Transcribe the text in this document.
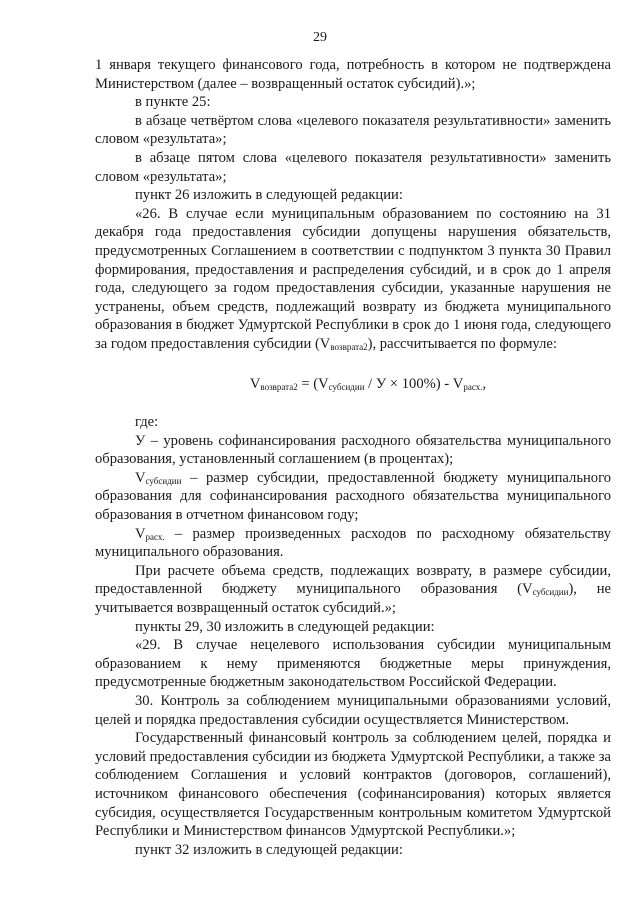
29

1 января текущего финансового года, потребность в котором не подтверждена Министерством (далее – возвращенный остаток субсидий).»;

в пункте 25:

в абзаце четвёртом слова «целевого показателя результативности» заменить словом «результата»;

в абзаце пятом слова «целевого показателя результативности» заменить словом «результата»;

пункт 26 изложить в следующей редакции:

«26. В случае если муниципальным образованием по состоянию на 31 декабря года предоставления субсидии допущены нарушения обязательств, предусмотренных Соглашением в соответствии с подпунктом 3 пункта 30 Правил формирования, предоставления и распределения субсидий, и в срок до 1 апреля года, следующего за годом предоставления субсидии, указанные нарушения не устранены, объем средств, подлежащий возврату из бюджета муниципального образования в бюджет Удмуртской Республики в срок до 1 июня года, следующего за годом предоставления субсидии $(V_{возврата2})$, рассчитывается по формуле:

$V_{возврата2} = (V_{субсидии} / У \times 100\%) - V_{расх.}$,

где:

У – уровень софинансирования расходного обязательства муниципального образования, установленный соглашением (в процентах);

$V_{субсидии}$ – размер субсидии, предоставленной бюджету муниципального образования для софинансирования расходного обязательства муниципального образования в отчетном финансовом году;

$V_{расх.}$ – размер произведенных расходов по расходному обязательству муниципального образования.

При расчете объема средств, подлежащих возврату, в размере субсидии, предоставленной бюджету муниципального образования $(V_{субсидии})$, не учитывается возвращенный остаток субсидий.»;

пункты 29, 30 изложить в следующей редакции:

«29. В случае нецелевого использования субсидии муниципальным образованием к нему применяются бюджетные меры принуждения, предусмотренные бюджетным законодательством Российской Федерации.

30. Контроль за соблюдением муниципальными образованиями условий, целей и порядка предоставления субсидии осуществляется Министерством.

Государственный финансовый контроль за соблюдением целей, порядка и условий предоставления субсидии из бюджета Удмуртской Республики, а также за соблюдением Соглашения и условий контрактов (договоров, соглашений), источником финансового обеспечения (софинансирования) которых является субсидия, осуществляется Государственным контрольным комитетом Удмуртской Республики и Министерством финансов Удмуртской Республики.»;

пункт 32 изложить в следующей редакции:
